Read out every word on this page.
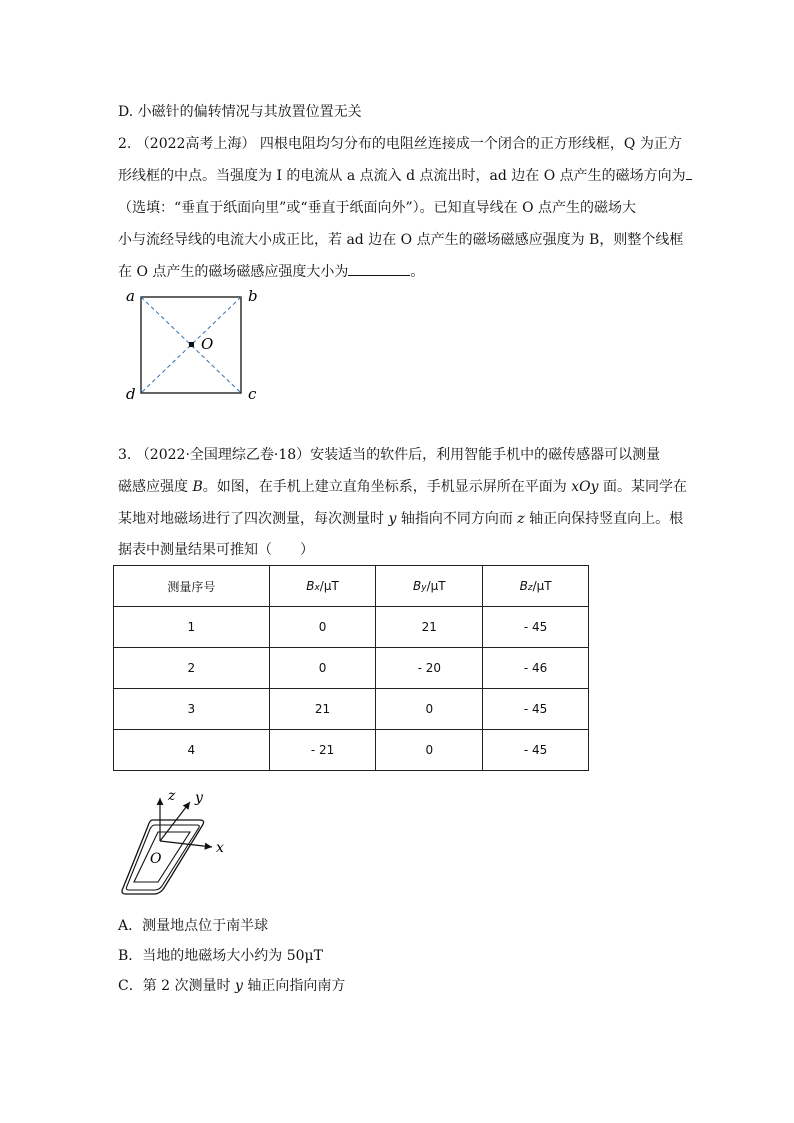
D. 小磁针的偏转情况与其放置位置无关
2. （2022高考上海） 四根电阻均匀分布的电阻丝连接成一个闭合的正方形线框，Q 为正方
形线框的中点。当强度为 I 的电流从 a 点流入 d 点流出时，ad 边在 O 点产生的磁场方向为
（选填：“垂直于纸面向里”或“垂直于纸面向外”）。已知直导线在 O 点产生的磁场大
小与流经导线的电流大小成正比，若 ad 边在 O 点产生的磁场磁感应强度为 B，则整个线框
在 O 点产生的磁场磁感应强度大小为	。
a	b
c
d
O
3. （2022·全国理综乙卷·18）安装适当的软件后，利用智能手机中的磁传感器可以测量
磁感应强度 B。如图，在手机上建立直角坐标系，手机显示屏所在平面为 xOy 面。某同学在
某地对地磁场进行了四次测量，每次测量时 y 轴指向不同方向而 z 轴正向保持竖直向上。根
据表中测量结果可推知（　　）
测量序号	Bx/μT	By/μT	Bz/μT
1	0	21	- 45
2	0	- 20	- 46
3	21	0	- 45
4	- 21	0	- 45
z y
x
O
A．测量地点位于南半球
B．当地的地磁场大小约为 50μT
C．第 2 次测量时 y 轴正向指向南方
